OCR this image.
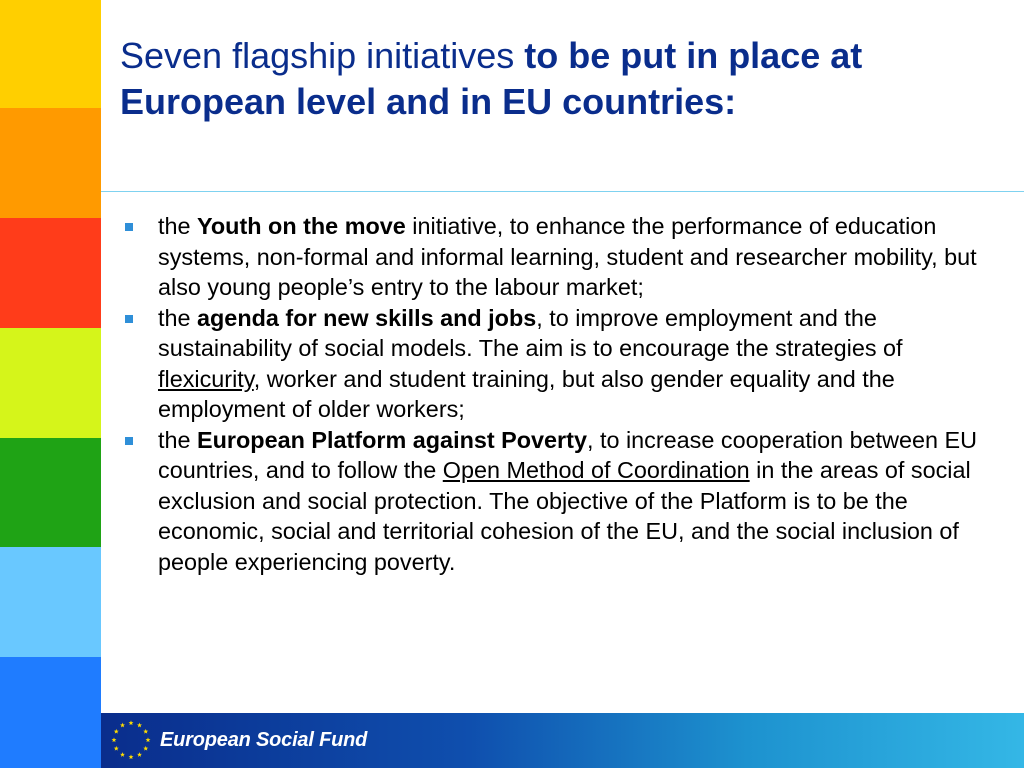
Seven flagship initiatives to be put in place at European level and in EU countries:
the Youth on the move initiative, to enhance the performance of education systems, non-formal and informal learning, student and researcher mobility, but also young people’s entry to the labour market;
the agenda for new skills and jobs, to improve employment and the sustainability of social models. The aim is to encourage the strategies of flexicurity, worker and student training, but also gender equality and the employment of older workers;
the European Platform against Poverty, to increase cooperation between EU countries, and to follow the Open Method of Coordination in the areas of social exclusion and social protection. The objective of the Platform is to be the economic, social and territorial cohesion of the EU, and the social inclusion of people experiencing poverty.
European Social Fund
